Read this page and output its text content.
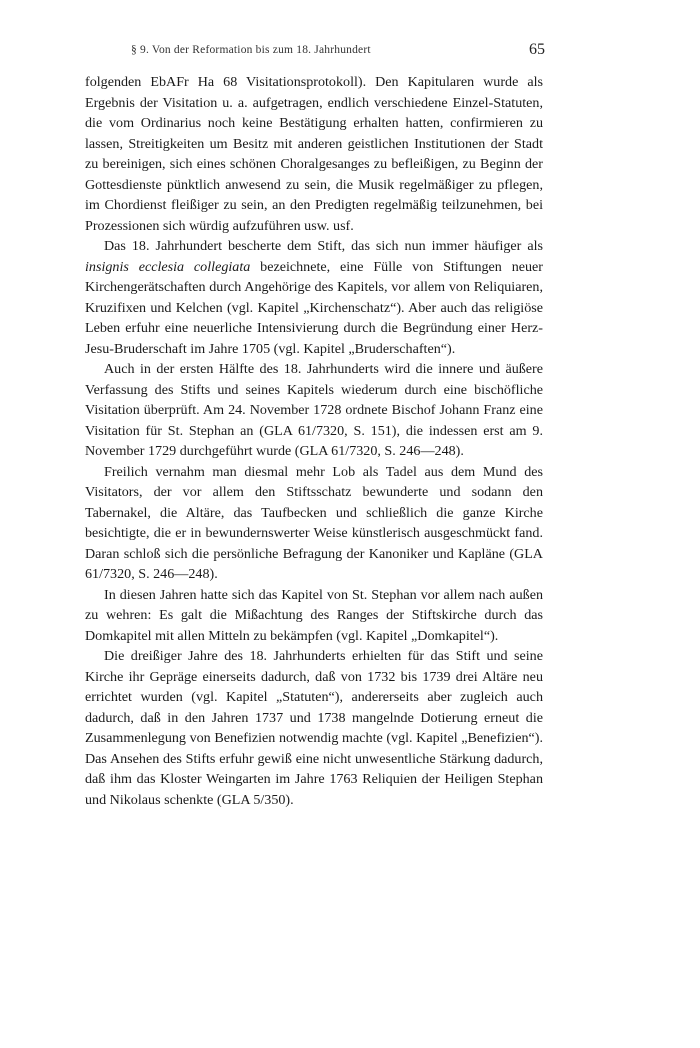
§ 9. Von der Reformation bis zum 18. Jahrhundert	65

folgenden EbAFr Ha 68 Visitationsprotokoll). Den Kapitularen wurde als Ergebnis der Visitation u. a. aufgetragen, endlich verschiedene Einzel-Statuten, die vom Ordinarius noch keine Bestätigung erhalten hatten, confirmieren zu lassen, Streitigkeiten um Besitz mit anderen geistlichen Institutionen der Stadt zu bereinigen, sich eines schönen Choralgesanges zu befleißigen, zu Beginn der Gottesdienste pünktlich anwesend zu sein, die Musik regelmäßiger zu pflegen, im Chordienst fleißiger zu sein, an den Predigten regelmäßig teilzunehmen, bei Prozessionen sich würdig aufzuführen usw. usf.

Das 18. Jahrhundert bescherte dem Stift, das sich nun immer häufiger als insignis ecclesia collegiata bezeichnete, eine Fülle von Stiftungen neuer Kirchengerätschaften durch Angehörige des Kapitels, vor allem von Reliquiaren, Kruzifixen und Kelchen (vgl. Kapitel „Kirchenschatz“). Aber auch das religiöse Leben erfuhr eine neuerliche Intensivierung durch die Begründung einer Herz-Jesu-Bruderschaft im Jahre 1705 (vgl. Kapitel „Bruderschaften“).

Auch in der ersten Hälfte des 18. Jahrhunderts wird die innere und äußere Verfassung des Stifts und seines Kapitels wiederum durch eine bischöfliche Visitation überprüft. Am 24. November 1728 ordnete Bischof Johann Franz eine Visitation für St. Stephan an (GLA 61/7320, S. 151), die indessen erst am 9. November 1729 durchgeführt wurde (GLA 61/7320, S. 246—248).

Freilich vernahm man diesmal mehr Lob als Tadel aus dem Mund des Visitators, der vor allem den Stiftsschatz bewunderte und sodann den Tabernakel, die Altäre, das Taufbecken und schließlich die ganze Kirche besichtigte, die er in bewundernswerter Weise künstlerisch ausgeschmückt fand. Daran schloß sich die persönliche Befragung der Kanoniker und Kapläne (GLA 61/7320, S. 246—248).

In diesen Jahren hatte sich das Kapitel von St. Stephan vor allem nach außen zu wehren: Es galt die Mißachtung des Ranges der Stiftskirche durch das Domkapitel mit allen Mitteln zu bekämpfen (vgl. Kapitel „Domkapitel“).

Die dreißiger Jahre des 18. Jahrhunderts erhielten für das Stift und seine Kirche ihr Gepräge einerseits dadurch, daß von 1732 bis 1739 drei Altäre neu errichtet wurden (vgl. Kapitel „Statuten“), andererseits aber zugleich auch dadurch, daß in den Jahren 1737 und 1738 mangelnde Dotierung erneut die Zusammenlegung von Benefizien notwendig machte (vgl. Kapitel „Benefizien“). Das Ansehen des Stifts erfuhr gewiß eine nicht unwesentliche Stärkung dadurch, daß ihm das Kloster Weingarten im Jahre 1763 Reliquien der Heiligen Stephan und Nikolaus schenkte (GLA 5/350).
